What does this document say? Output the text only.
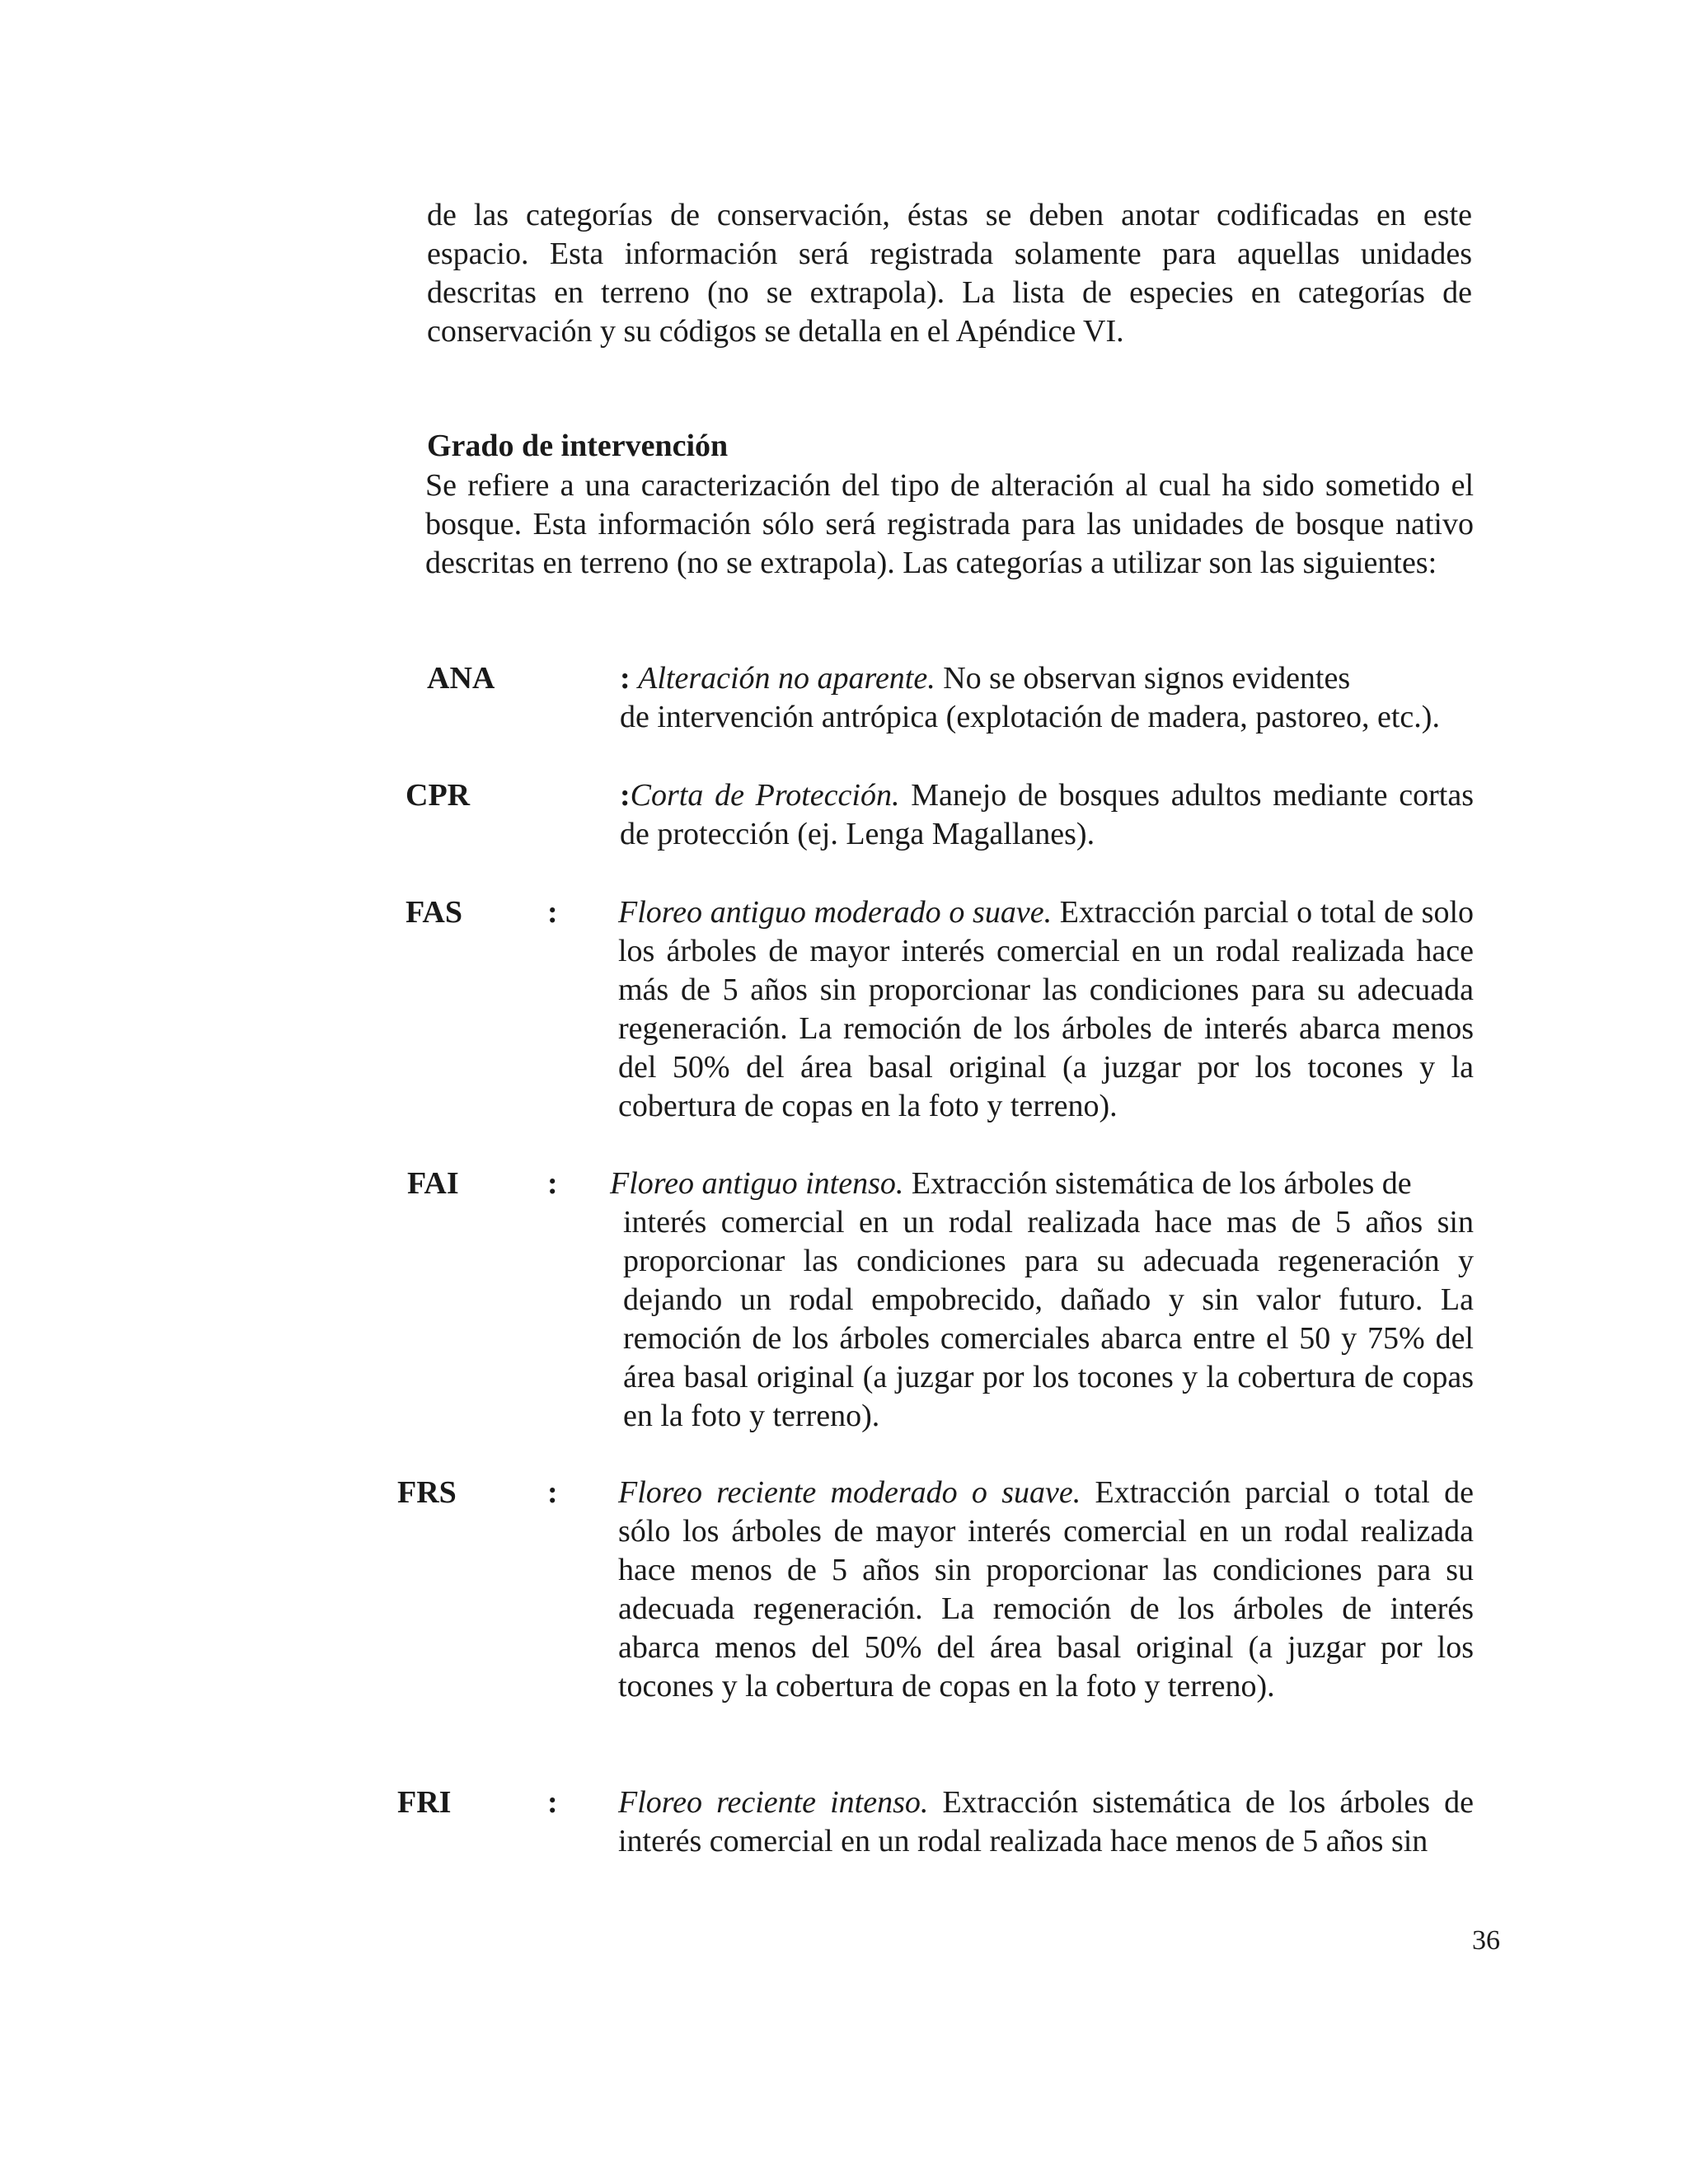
de las categorías de conservación, éstas se deben anotar codificadas en este espacio. Esta información será registrada solamente para aquellas unidades descritas en terreno (no se extrapola). La lista de especies en categorías de conservación y su códigos se detalla en el Apéndice VI.

Grado de intervención

Se refiere a una caracterización del tipo de alteración al cual ha sido sometido el bosque. Esta información sólo será registrada para las unidades de bosque nativo descritas en terreno (no se extrapola). Las categorías a utilizar son las siguientes:

ANA	: Alteración no aparente. No se observan signos evidentes
de intervención antrópica (explotación de madera, pastoreo, etc.).
CPR	:Corta de Protección. Manejo de bosques adultos mediante cortas de protección (ej. Lenga Magallanes).
FAS	: Floreo antiguo moderado o suave. Extracción parcial o total de solo los árboles de mayor interés comercial en un rodal realizada hace más de 5 años sin proporcionar las condiciones para su adecuada regeneración. La remoción de los árboles de interés abarca menos del 50% del área basal original (a juzgar por los tocones y la cobertura de copas en la foto y terreno).
FAI	: Floreo antiguo intenso. Extracción sistemática de los árboles de
interés comercial en un rodal realizada hace mas de 5 años sin proporcionar las condiciones para su adecuada regeneración y dejando un rodal empobrecido, dañado y sin valor futuro. La remoción de los árboles comerciales abarca entre el 50 y 75% del área basal original (a juzgar por los tocones y la cobertura de copas en la foto y terreno).
FRS	: Floreo reciente moderado o suave. Extracción parcial o total de sólo los árboles de mayor interés comercial en un rodal realizada hace menos de 5 años sin proporcionar las condiciones para su adecuada regeneración. La remoción de los árboles de interés abarca menos del 50% del área basal original (a juzgar por los tocones y la cobertura de copas en la foto y terreno).
FRI	: Floreo reciente intenso. Extracción sistemática de los árboles de interés comercial en un rodal realizada hace menos de 5 años sin
36
